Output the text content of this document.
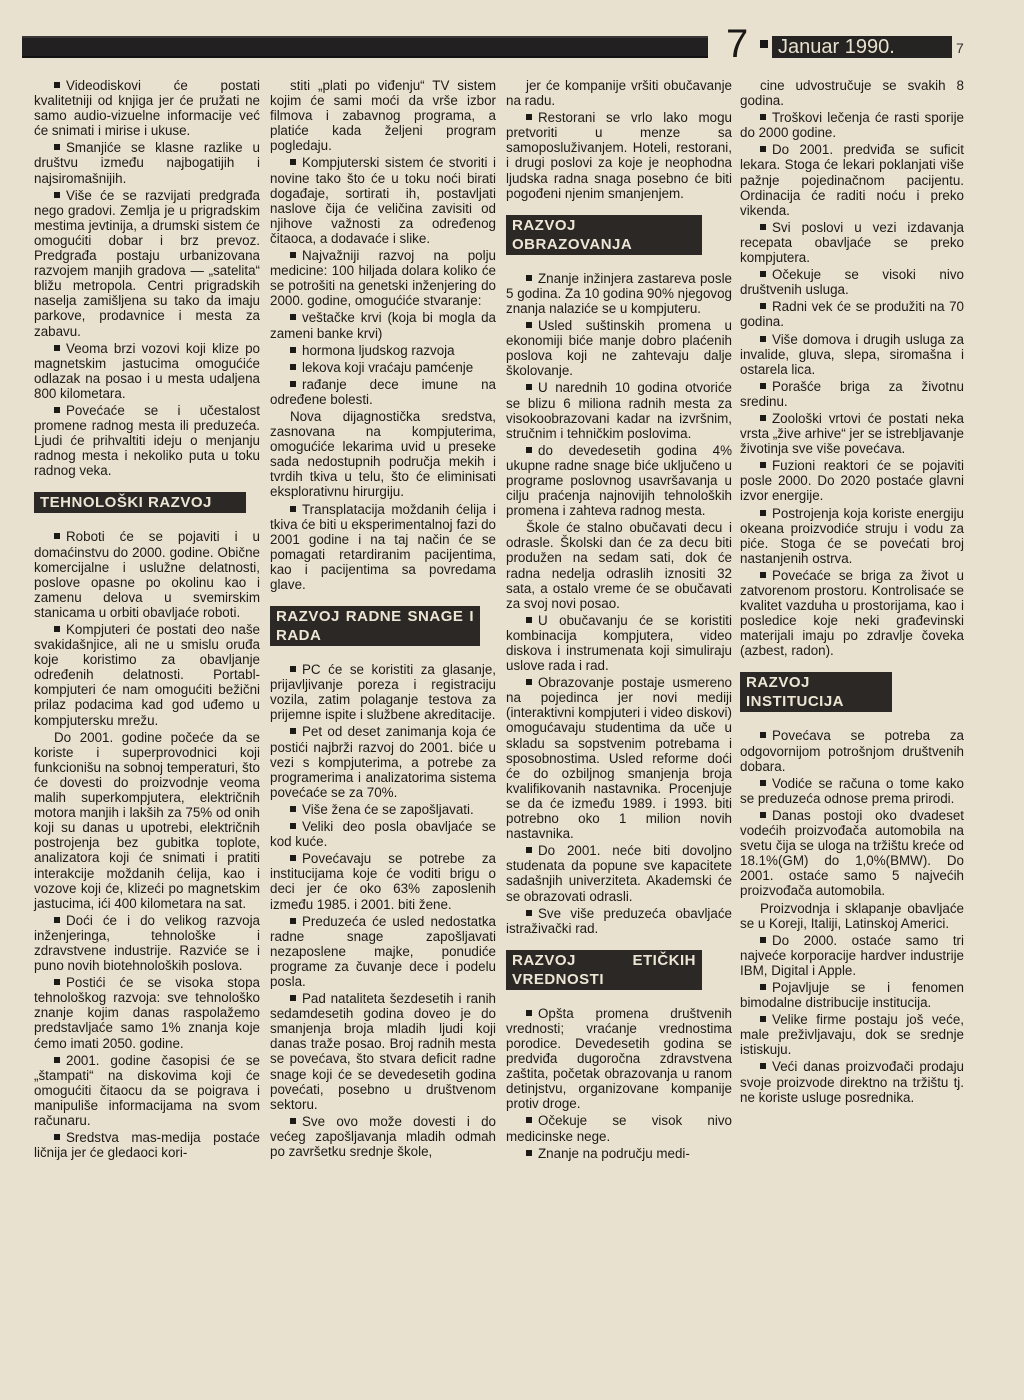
7	Januar 1990.	7
Videodiskovi će postati kvalitetniji od knjiga jer će pružati ne samo audio-vizuelne informacije već će snimati i mirise i ukuse.
Smanjiće se klasne razlike u društvu između najbogatijih i najsiromašnijih.
Više će se razvijati predgrađa nego gradovi. Zemlja je u prigradskim mestima jevtinija, a drumski sistem će omogućiti dobar i brz prevoz. Predgrađa postaju urbanizovana razvojem manjih gradova — „satelita“ bližu metropola. Centri prigradskih naselja zamišljena su tako da imaju parkove, prodavnice i mesta za zabavu.
Veoma brzi vozovi koji klize po magnetskim jastucima omogućiće odlazak na posao i u mesta udaljena 800 kilometara.
Povećaće se i učestalost promene radnog mesta ili preduzeća. Ljudi će prihvaltiti ideju o menjanju radnog mesta i nekoliko puta u toku radnog veka.
TEHNOLOŠKI RAZVOJ
Roboti će se pojaviti i u domaćinstvu do 2000. godine. Obične komercijalne i uslužne delatnosti, poslove opasne po okolinu kao i zamenu delova u svemirskim stanicama u orbiti obavljaće roboti.
Kompjuteri će postati deo naše svakidašnjice, ali ne u smislu oruđa koje koristimo za obavljanje određenih delatnosti. Portabl-kompjuteri će nam omogućiti bežični prilaz podacima kad god uđemo u kompjutersku mrežu.
Do 2001. godine počeće da se koriste i superprovodnici koji funkcionišu na sobnoj temperaturi, što će dovesti do proizvodnje veoma malih superkompjutera, električnih motora manjih i lakših za 75% od onih koji su danas u upotrebi, električnih postrojenja bez gubitka toplote, analizatora koji će snimati i pratiti interakcije moždanih ćelija, kao i vozove koji će, klizeći po magnetskim jastucima, ići 400 kilometara na sat.
Doći će i do velikog razvoja inženjeringa, tehnološke i zdravstvene industrije. Razviće se i puno novih biotehnoloških poslova.
Postići će se visoka stopa tehnološkog razvoja: sve tehnološko znanje kojim danas raspolažemo predstavljaće samo 1% znanja koje ćemo imati 2050. godine.
2001. godine časopisi će se „štampati“ na diskovima koji će omogućiti čitaocu da se poigrava i manipuliše informacijama na svom računaru.
Sredstva mas-medija postaće ličnija jer će gledaoci kori-
stiti „plati po viđenju“ TV sistem kojim će sami moći da vrše izbor filmova i zabavnog programa, a platiće kada željeni program pogledaju.
Kompjuterski sistem će stvoriti i novine tako što će u toku noći birati događaje, sortirati ih, postavljati naslove čija će veličina zavisiti od njihove važnosti za određenog čitaoca, a dodavaće i slike.
Najvažniji razvoj na polju medicine: 100 hiljada dolara koliko će se potrošiti na genetski inženjering do 2000. godine, omogućiće stvaranje:
veštačke krvi (koja bi mogla da zameni banke krvi)
hormona ljudskog razvoja
lekova koji vraćaju pamćenje
rađanje dece imune na određene bolesti.
Nova dijagnostička sredstva, zasnovana na kompjuterima, omogućiće lekarima uvid u preseke sada nedostupnih područja mekih i tvrdih tkiva u telu, što će eliminisati eksplorativnu hirurgiju.
Transplatacija moždanih ćelija i tkiva će biti u eksperimentalnoj fazi do 2001 godine i na taj način će se pomagati retardiranim pacijentima, kao i pacijentima sa povredama glave.
RAZVOJ RADNE SNAGE I RADA
PC će se koristiti za glasanje, prijavljivanje poreza i registraciju vozila, zatim polaganje testova za prijemne ispite i službene akreditacije.
Pet od deset zanimanja koja će postići najbrži razvoj do 2001. biće u vezi s kompjuterima, a potrebe za programerima i analizatorima sistema povećaće se za 70%.
Više žena će se zapošljavati.
Veliki deo posla obavljaće se kod kuće.
Povećavaju se potrebe za institucijama koje će voditi brigu o deci jer će oko 63% zaposlenih između 1985. i 2001. biti žene.
Preduzeća će usled nedostatka radne snage zapošljavati nezaposlene majke, ponudiće programe za čuvanje dece i podelu posla.
Pad nataliteta šezdesetih i ranih sedamdesetih godina doveo je do smanjenja broja mladih ljudi koji danas traže posao. Broj radnih mesta se povećava, što stvara deficit radne snage koji će se devedesetih godina povećati, posebno u društvenom sektoru.
Sve ovo može dovesti i do većeg zapošljavanja mladih odmah po završetku srednje škole,
jer će kompanije vršiti obučavanje na radu.
Restorani se vrlo lako mogu pretvoriti u menze sa samoposluživanjem. Hoteli, restorani, i drugi poslovi za koje je neophodna ljudska radna snaga posebno će biti pogođeni njenim smanjenjem.
RAZVOJ OBRAZOVANJA
Znanje inžinjera zastareva posle 5 godina. Za 10 godina 90% njegovog znanja nalaziće se u kompjuteru.
Usled suštinskih promena u ekonomiji biće manje dobro plaćenih poslova koji ne zahtevaju dalje školovanje.
U narednih 10 godina otvoriće se blizu 6 miliona radnih mesta za visokoobrazovani kadar na izvršnim, stručnim i tehničkim poslovima.
do devedesetih godina 4% ukupne radne snage biće uključeno u programe poslovnog usavršavanja u cilju praćenja najnovijih tehnoloških promena i zahteva radnog mesta.
Škole će stalno obučavati decu i odrasle. Školski dan će za decu biti produžen na sedam sati, dok će radna nedelja odraslih iznositi 32 sata, a ostalo vreme će se obučavati za svoj novi posao.
U obučavanju će se koristiti kombinacija kompjutera, video diskova i instrumenata koji simuliraju uslove rada i rad.
Obrazovanje postaje usmereno na pojedinca jer novi mediji (interaktivni kompjuteri i video diskovi) omogućavaju studentima da uče u skladu sa sopstvenim potrebama i sposobnostima. Usled reforme doći će do ozbiljnog smanjenja broja kvalifikovanih nastavnika. Procenjuje se da će između 1989. i 1993. biti potrebno oko 1 milion novih nastavnika.
Do 2001. neće biti dovoljno studenata da popune sve kapacitete sadašnjih univerziteta. Akademski će se obrazovati odrasli.
Sve više preduzeća obavljaće istraživački rad.
RAZVOJ ETIČKIH VREDNOSTI
Opšta promena društvenih vrednosti; vraćanje vrednostima porodice. Devedesetih godina se predviđa dugoročna zdravstvena zaštita, početak obrazovanja u ranom detinjstvu, organizovane kompanije protiv droge.
Očekuje se visok nivo medicinske nege.
Znanje na području medi-
cine udvostručuje se svakih 8 godina.
Troškovi lečenja će rasti sporije do 2000 godine.
Do 2001. predviđa se suficit lekara. Stoga će lekari poklanjati više pažnje pojedinačnom pacijentu. Ordinacija će raditi noću i preko vikenda.
Svi poslovi u vezi izdavanja recepata obavljaće se preko kompjutera.
Očekuje se visoki nivo društvenih usluga.
Radni vek će se produžiti na 70 godina.
Više domova i drugih usluga za invalide, gluva, slepa, siromašna i ostarela lica.
Porašće briga za životnu sredinu.
Zoološki vrtovi će postati neka vrsta „žive arhive“ jer se istrebljavanje životinja sve više povećava.
Fuzioni reaktori će se pojaviti posle 2000. Do 2020 postaće glavni izvor energije.
Postrojenja koja koriste energiju okeana proizvodiće struju i vodu za piće. Stoga će se povećati broj nastanjenih ostrva.
Povećaće se briga za život u zatvorenom prostoru. Kontrolisaće se kvalitet vazduha u prostorijama, kao i posledice koje neki građevinski materijali imaju po zdravlje čoveka (azbest, radon).
RAZVOJ INSTITUCIJA
Povećava se potreba za odgovornijom potrošnjom društvenih dobara.
Vodiće se računa o tome kako se preduzeća odnose prema prirodi.
Danas postoji oko dvadeset vodećih proizvođača automobila na svetu čija se uloga na tržištu kreće od 18.1%(GM) do 1,0%(BMW). Do 2001. ostaće samo 5 najvećih proizvođača automobila.
Proizvodnja i sklapanje obavljaće se u Koreji, Italiji, Latinskoj Americi.
Do 2000. ostaće samo tri najveće korporacije hardver industrije IBM, Digital i Apple.
Pojavljuje se i fenomen bimodalne distribucije institucija.
Velike firme postaju još veće, male preživljavaju, dok se srednje istiskuju.
Veći danas proizvođači prodaju svoje proizvode direktno na tržištu tj. ne koriste usluge posrednika.
